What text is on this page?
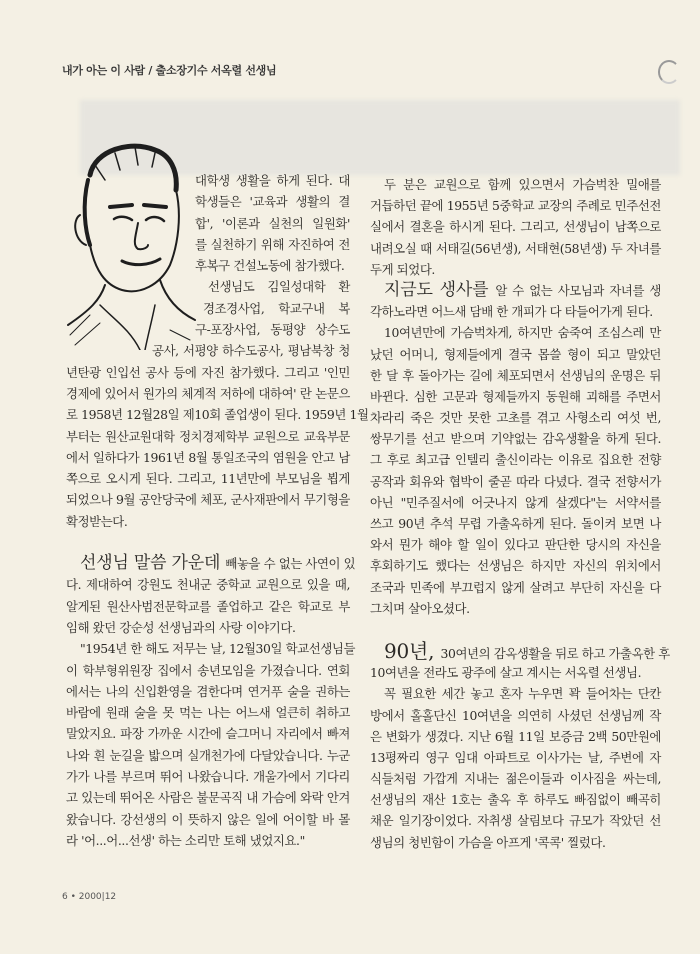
내가 아는 이 사람 / 출소장기수 서옥렬 선생님
대학생 생활을 하게 된다. 대
학생들은 '교육과 생활의 결
합', '이론과 실천의 일원화'
를 실천하기 위해 자진하여 전
후복구 건설노동에 참가했다.
선생님도 김일성대학 환
경조경사업, 학교구내 복
구-포장사업, 동평양 상수도
공사, 서평양 하수도공사, 평남북창 청
년탄광 인입선 공사 등에 자진 참가했다. 그리고 '인민
경제에 있어서 원가의 체계적 저하에 대하여' 란 논문으
로 1958년 12월28일 제10회 졸업생이 된다. 1959년 1월
부터는 원산교원대학 정치경제학부 교원으로 교육부문
에서 일하다가 1961년 8월 통일조국의 염원을 안고 남
쪽으로 오시게 된다. 그리고, 11년만에 부모님을 뵙게
되었으나 9월 공안당국에 체포, 군사재판에서 무기형을
확정받는다.
선생님 말씀 가운데 빼놓을 수 없는 사연이 있
다. 제대하여 강원도 천내군 중학교 교원으로 있을 때,
알게된 원산사범전문학교를 졸업하고 같은 학교로 부
임해 왔던 강순성 선생님과의 사랑 이야기다.
"1954년 한 해도 저무는 날, 12월30일 학교선생님들
이 학부형위원장 집에서 송년모임을 가졌습니다. 연회
에서는 나의 신입환영을 겸한다며 연거푸 술을 권하는
바람에 원래 술을 못 먹는 나는 어느새 얼큰히 취하고
말았지요. 파장 가까운 시간에 슬그머니 자리에서 빠져
나와 흰 눈길을 밟으며 실개천가에 다달았습니다. 누군
가가 나를 부르며 뛰어 나왔습니다. 개울가에서 기다리
고 있는데 뛰어온 사람은 불문곡직 내 가슴에 와락 안겨
왔습니다. 강선생의 이 뜻하지 않은 일에 어이할 바 몰
라 '어...어...선생' 하는 소리만 토해 냈었지요."
두 분은 교원으로 함께 있으면서 가슴벅찬 밀애를
거듭하던 끝에 1955년 5중학교 교장의 주례로 민주선전
실에서 결혼을 하시게 된다. 그리고, 선생님이 남쪽으로
내려오실 때 서태길(56년생), 서태현(58년생) 두 자녀를
두게 되었다.
지금도 생사를 알 수 없는 사모님과 자녀를 생
각하노라면 어느새 담배 한 개피가 다 타들어가게 된다.
10여년만에 가슴벅차게, 하지만 숨죽여 조심스레 만
났던 어머니, 형제들에게 결국 몹쓸 형이 되고 말았던
한 달 후 돌아가는 길에 체포되면서 선생님의 운명은 뒤
바뀐다. 심한 고문과 형제들까지 동원해 괴해를 주면서
차라리 죽은 것만 못한 고초를 겪고 사형소리 여섯 번,
쌍무기를 선고 받으며 기약없는 감옥생활을 하게 된다.
그 후로 최고급 인텔리 출신이라는 이유로 집요한 전향
공작과 회유와 협박이 줄곧 따라 다녔다. 결국 전향서가
아닌 "민주질서에 어긋나지 않게 살겠다"는 서약서를
쓰고 90년 추석 무렵 가출옥하게 된다. 돌이켜 보면 나
와서 뭔가 해야 할 일이 있다고 판단한 당시의 자신을
후회하기도 했다는 선생님은 하지만 자신의 위치에서
조국과 민족에 부끄럽지 않게 살려고 부단히 자신을 다
그치며 살아오셨다.
90년, 30여년의 감옥생활을 뒤로 하고 가출옥한 후
10여년을 전라도 광주에 살고 계시는 서옥렬 선생님.
꼭 필요한 세간 놓고 혼자 누우면 꽉 들어차는 단칸
방에서 홀홀단신 10여년을 의연히 사셨던 선생님께 작
은 변화가 생겼다. 지난 6월 11일 보증금 2백 50만원에
13평짜리 영구 임대 아파트로 이사가는 날, 주변에 자
식들처럼 가깝게 지내는 젊은이들과 이사짐을 싸는데,
선생님의 재산 1호는 출옥 후 하루도 빠짐없이 빼곡히
채운 일기장이었다. 자취생 살림보다 규모가 작았던 선
생님의 청빈함이 가슴을 아프게 '콕콕' 찔렀다.
6 • 2000|12
